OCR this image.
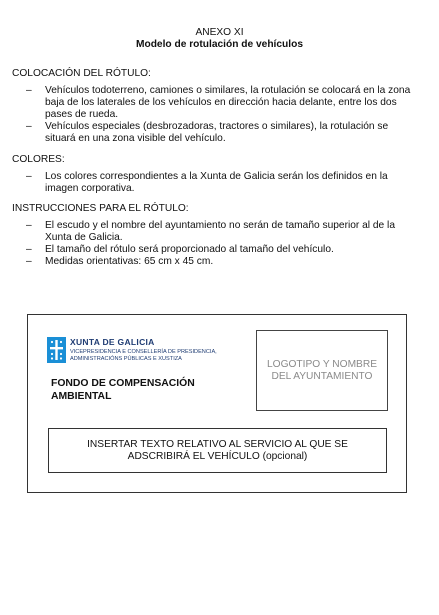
ANEXO XI
Modelo de rotulación de vehículos
COLOCACIÓN DEL RÓTULO:
– Vehículos todoterreno, camiones o similares, la rotulación se colocará en la zona baja de los laterales de los vehículos en dirección hacia delante, entre los dos pases de rueda.
– Vehículos especiales (desbrozadoras, tractores o similares), la rotulación se situará en una zona visible del vehículo.
COLORES:
– Los colores correspondientes a la Xunta de Galicia serán los definidos en la imagen corporativa.
INSTRUCCIONES PARA EL RÓTULO:
– El escudo y el nombre del ayuntamiento no serán de tamaño superior al de la Xunta de Galicia.
– El tamaño del rótulo será proporcionado al tamaño del vehículo.
– Medidas orientativas: 65 cm x 45 cm.
XUNTA DE GALICIA
VICEPRESIDENCIA E CONSELLERÍA DE PRESIDENCIA,
ADMINISTRACIÓNS PÚBLICAS E XUSTIZA
FONDO DE COMPENSACIÓN AMBIENTAL
LOGOTIPO Y NOMBRE DEL AYUNTAMIENTO
INSERTAR TEXTO RELATIVO AL SERVICIO AL QUE SE ADSCRIBIRÁ EL VEHÍCULO (opcional)
